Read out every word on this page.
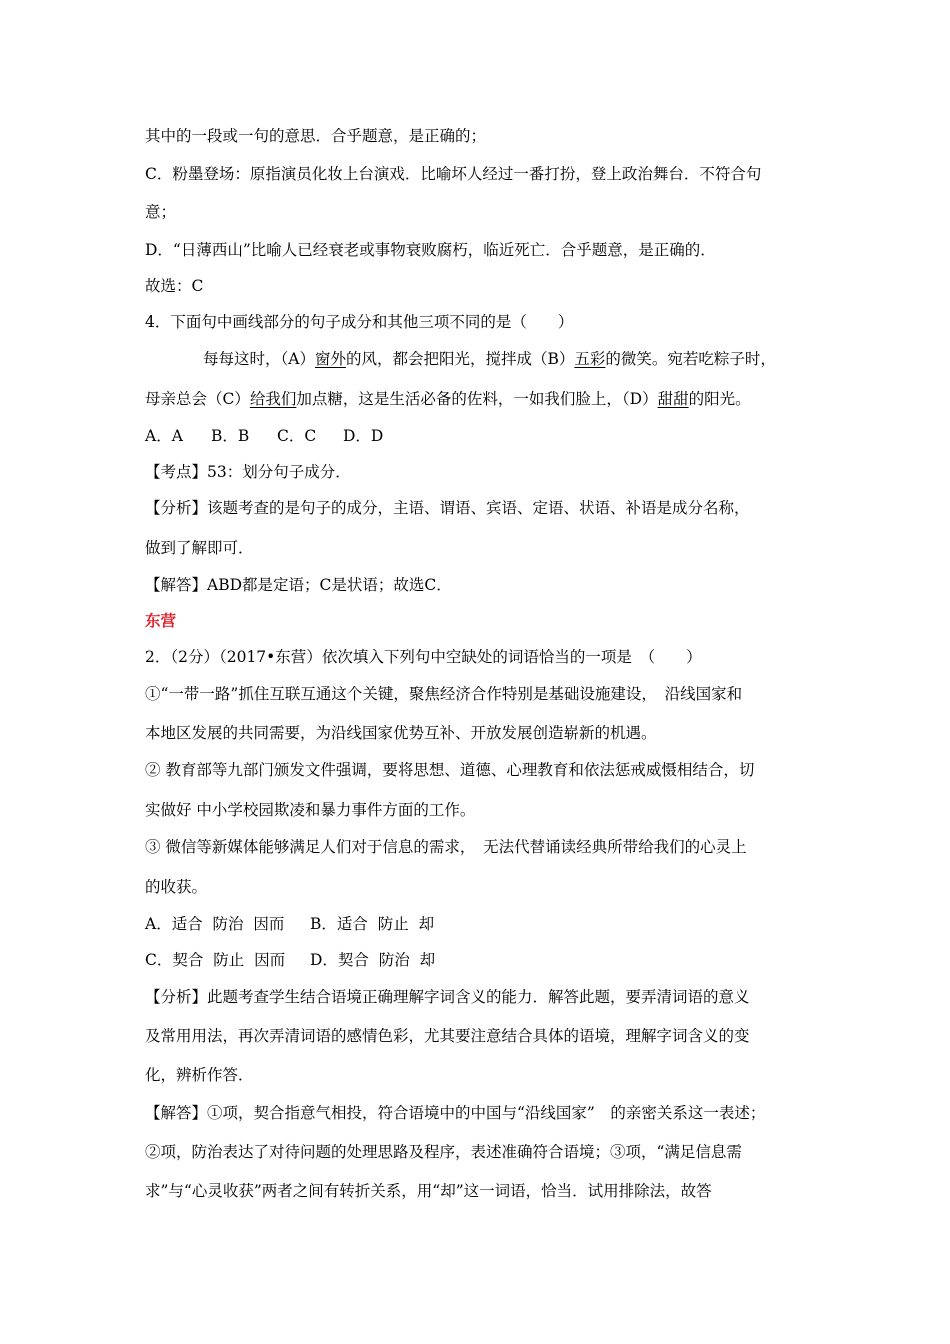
其中的一段或一句的意思．合乎题意，是正确的；
C．粉墨登场：原指演员化妆上台演戏．比喻坏人经过一番打扮，登上政治舞台．不符合句
意；
D．“日薄西山”比喻人已经衰老或事物衰败腐朽，临近死亡．合乎题意，是正确的．
故选：C
4．下面句中画线部分的句子成分和其他三项不同的是（　　）
每每这时，（A）窗外的风，都会把阳光，搅拌成（B）五彩的微笑。宛若吃粽子时，
母亲总会（C）给我们加点糖，这是生活必备的佐料，一如我们脸上，（D）甜甜的阳光。
A．A B．B C．C D．D
【考点】53：划分句子成分．
【分析】该题考查的是句子的成分，主语、谓语、宾语、定语、状语、补语是成分名称，
做到了解即可．
【解答】ABD都是定语；C是状语；故选C．
东营
2．（2分）（2017•东营）依次填入下列句中空缺处的词语恰当的一项是　（　　）
①“一带一路”抓住互联互通这个关键，聚焦经济合作特别是基础设施建设，　沿线国家和
本地区发展的共同需要，为沿线国家优势互补、开放发展创造崭新的机遇。
② 教育部等九部门颁发文件强调，要将思想、道德、心理教育和依法惩戒威慑相结合，切
实做好 中小学校园欺凌和暴力事件方面的工作。
③ 微信等新媒体能够满足人们对于信息的需求，　无法代替诵读经典所带给我们的心灵上
的收获。
A．适合  防治  因而 B．适合  防止  却
C．契合  防止  因而 D．契合  防治  却
【分析】此题考查学生结合语境正确理解字词含义的能力．解答此题，要弄清词语的意义
及常用用法，再次弄清词语的感情色彩，尤其要注意结合具体的语境，理解字词含义的变
化，辨析作答．
【解答】①项，契合指意气相投，符合语境中的中国与“沿线国家”　的亲密关系这一表述；
②项，防治表达了对待问题的处理思路及程序，表述准确符合语境；③项，“满足信息需
求”与“心灵收获”两者之间有转折关系，用“却”这一词语，恰当．试用排除法，故答
